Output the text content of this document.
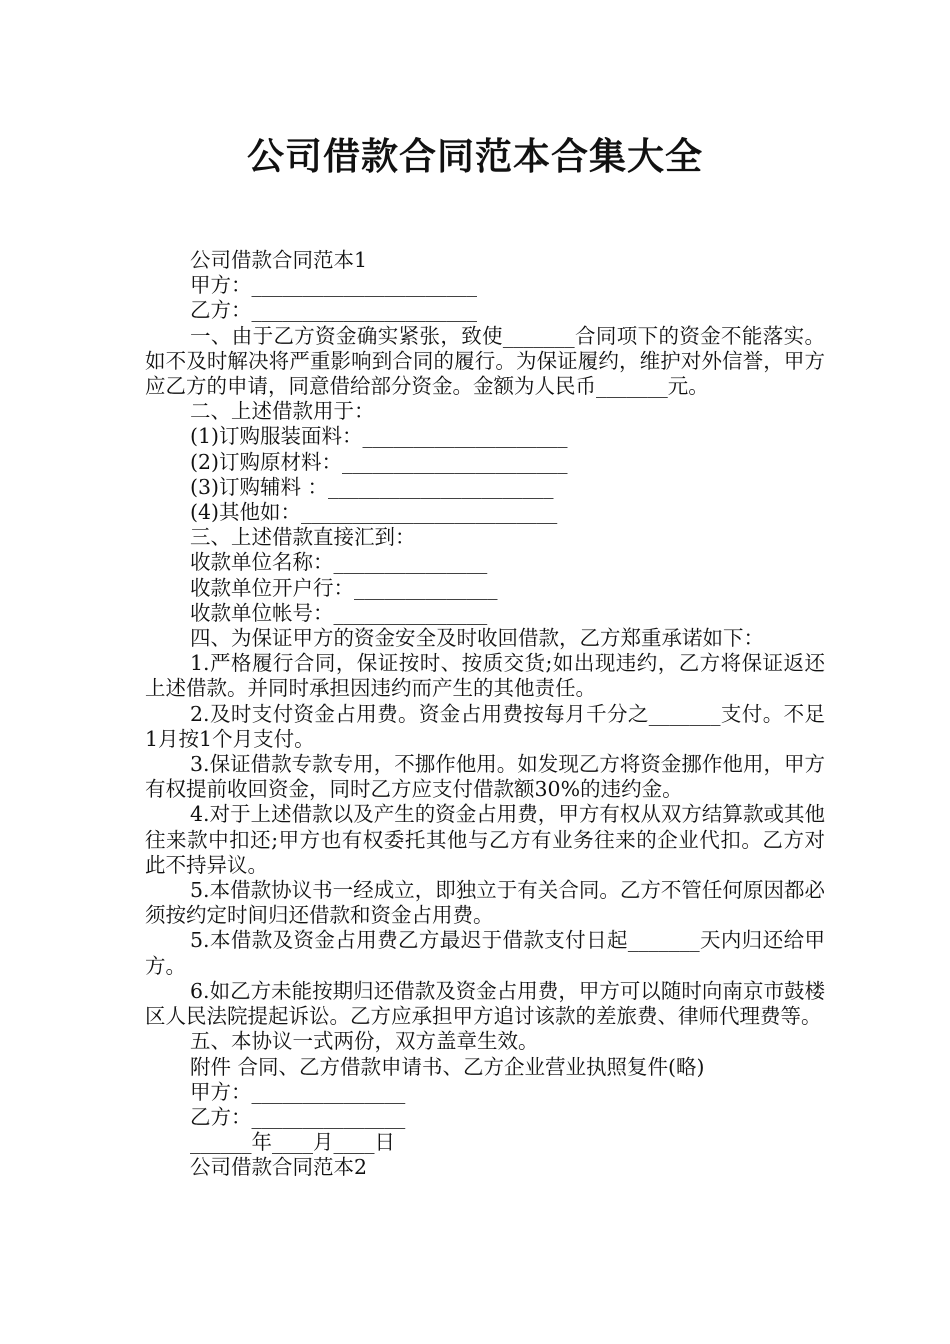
公司借款合同范本合集大全

公司借款合同范本1

甲方：______________________

乙方：______________________

一、由于乙方资金确实紧张，致使_______合同项下的资金不能落实。如不及时解决将严重影响到合同的履行。为保证履约，维护对外信誉，甲方应乙方的申请，同意借给部分资金。金额为人民币_______元。

二、上述借款用于：

(1)订购服装面料：____________________

(2)订购原材料：______________________

(3)订购辅料 ：______________________

(4)其他如：_________________________

三、上述借款直接汇到：

收款单位名称：_______________

收款单位开户行：______________

收款单位帐号：_______________

四、为保证甲方的资金安全及时收回借款，乙方郑重承诺如下：

1.严格履行合同，保证按时、按质交货;如出现违约，乙方将保证返还上述借款。并同时承担因违约而产生的其他责任。

2.及时支付资金占用费。资金占用费按每月千分之_______支付。不足1月按1个月支付。

3.保证借款专款专用，不挪作他用。如发现乙方将资金挪作他用，甲方有权提前收回资金，同时乙方应支付借款额30%的违约金。

4.对于上述借款以及产生的资金占用费，甲方有权从双方结算款或其他往来款中扣还;甲方也有权委托其他与乙方有业务往来的企业代扣。乙方对此不持异议。

5.本借款协议书一经成立，即独立于有关合同。乙方不管任何原因都必须按约定时间归还借款和资金占用费。

5.本借款及资金占用费乙方最迟于借款支付日起_______天内归还给甲方。

6.如乙方未能按期归还借款及资金占用费，甲方可以随时向南京市鼓楼区人民法院提起诉讼。乙方应承担甲方追讨该款的差旅费、律师代理费等。

五、本协议一式两份，双方盖章生效。

附件 合同、乙方借款申请书、乙方企业营业执照复件(略)

甲方：_______________

乙方：_______________

______年____月____日

公司借款合同范本2
